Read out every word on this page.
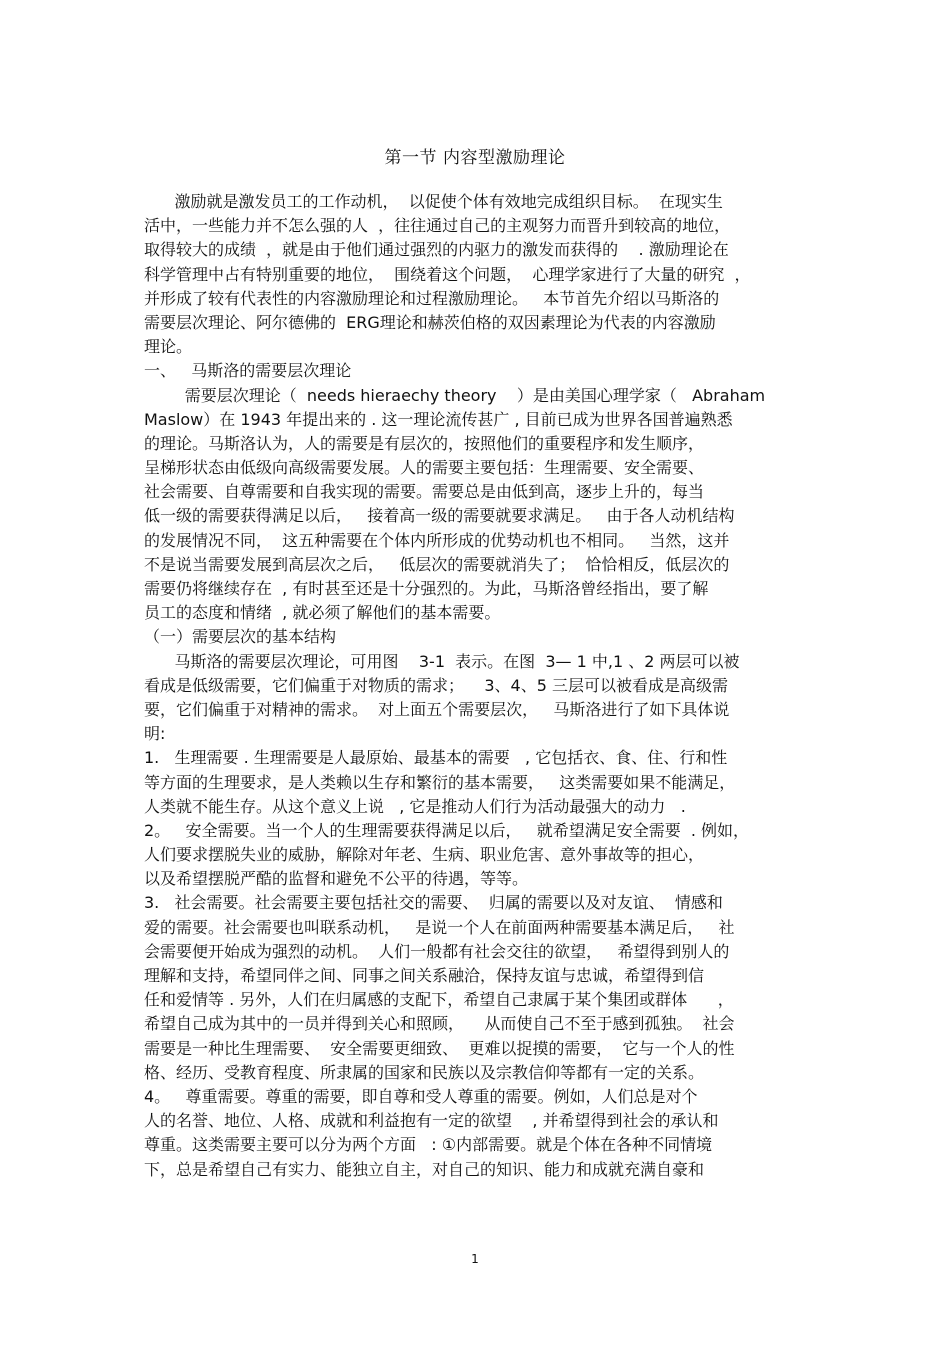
第一节 内容型激励理论
激励就是激发员工的工作动机，  以促使个体有效地完成组织目标。  在现实生
活中，一些能力并不怎么强的人  ，往往通过自己的主观努力而晋升到较高的地位，
取得较大的成绩  ，就是由于他们通过强烈的内驱力的激发而获得的    . 激励理论在
科学管理中占有特别重要的地位，  围绕着这个问题，  心理学家进行了大量的研究  ，
并形成了较有代表性的内容激励理论和过程激励理论。   本节首先介绍以马斯洛的
需要层次理论、阿尔德佛的  ERG理论和赫茨伯格的双因素理论为代表的内容激励
理论。
一、   马斯洛的需要层次理论
需要层次理论（  needs hieraechy theory    ）是由美国心理学家（   Abraham
Maslow）在 1943 年提出来的 . 这一理论流传甚广 , 目前已成为世界各国普遍熟悉
的理论。马斯洛认为，人的需要是有层次的，按照他们的重要程序和发生顺序，
呈梯形状态由低级向高级需要发展。人的需要主要包括：生理需要、安全需要、
社会需要、自尊需要和自我实现的需要。需要总是由低到高，逐步上升的，每当
低一级的需要获得满足以后，   接着高一级的需要就要求满足。   由于各人动机结构
的发展情况不同，  这五种需要在个体内所形成的优势动机也不相同。   当然，这并
不是说当需要发展到高层次之后，   低层次的需要就消失了；  恰恰相反，低层次的
需要仍将继续存在  , 有时甚至还是十分强烈的。为此，马斯洛曾经指出，要了解
员工的态度和情绪  , 就必须了解他们的基本需要。
（一）需要层次的基本结构
马斯洛的需要层次理论，可用图    3-1  表示。在图  3— 1 中,1 、2 两层可以被
看成是低级需要，它们偏重于对物质的需求；    3、4、5 三层可以被看成是高级需
要，它们偏重于对精神的需求。  对上面五个需要层次，   马斯洛进行了如下具体说
明:
1.   生理需要 . 生理需要是人最原始、最基本的需要   , 它包括衣、食、住、行和性
等方面的生理要求，是人类赖以生存和繁衍的基本需要，   这类需要如果不能满足，
人类就不能生存。从这个意义上说   , 它是推动人们行为活动最强大的动力   .
2。   安全需要。当一个人的生理需要获得满足以后，   就希望满足安全需要  . 例如，
人们要求摆脱失业的威胁，解除对年老、生病、职业危害、意外事故等的担心，
以及希望摆脱严酷的监督和避免不公平的待遇，等等。
3.   社会需要。社会需要主要包括社交的需要、  归属的需要以及对友谊、  情感和
爱的需要。社会需要也叫联系动机，   是说一个人在前面两种需要基本满足后，   社
会需要便开始成为强烈的动机。  人们一般都有社会交往的欲望，   希望得到别人的
理解和支持，希望同伴之间、同事之间关系融洽，保持友谊与忠诚，希望得到信
任和爱情等 . 另外，人们在归属感的支配下，希望自己隶属于某个集团或群体      ，
希望自己成为其中的一员并得到关心和照顾，    从而使自己不至于感到孤独。  社会
需要是一种比生理需要、  安全需要更细致、  更难以捉摸的需要，  它与一个人的性
格、经历、受教育程度、所隶属的国家和民族以及宗教信仰等都有一定的关系。
4。   尊重需要。尊重的需要，即自尊和受人尊重的需要。例如，人们总是对个
人的名誉、地位、人格、成就和利益抱有一定的欲望    , 并希望得到社会的承认和
尊重。这类需要主要可以分为两个方面   : ①内部需要。就是个体在各种不同情境
下，总是希望自己有实力、能独立自主，对自己的知识、能力和成就充满自豪和
1
